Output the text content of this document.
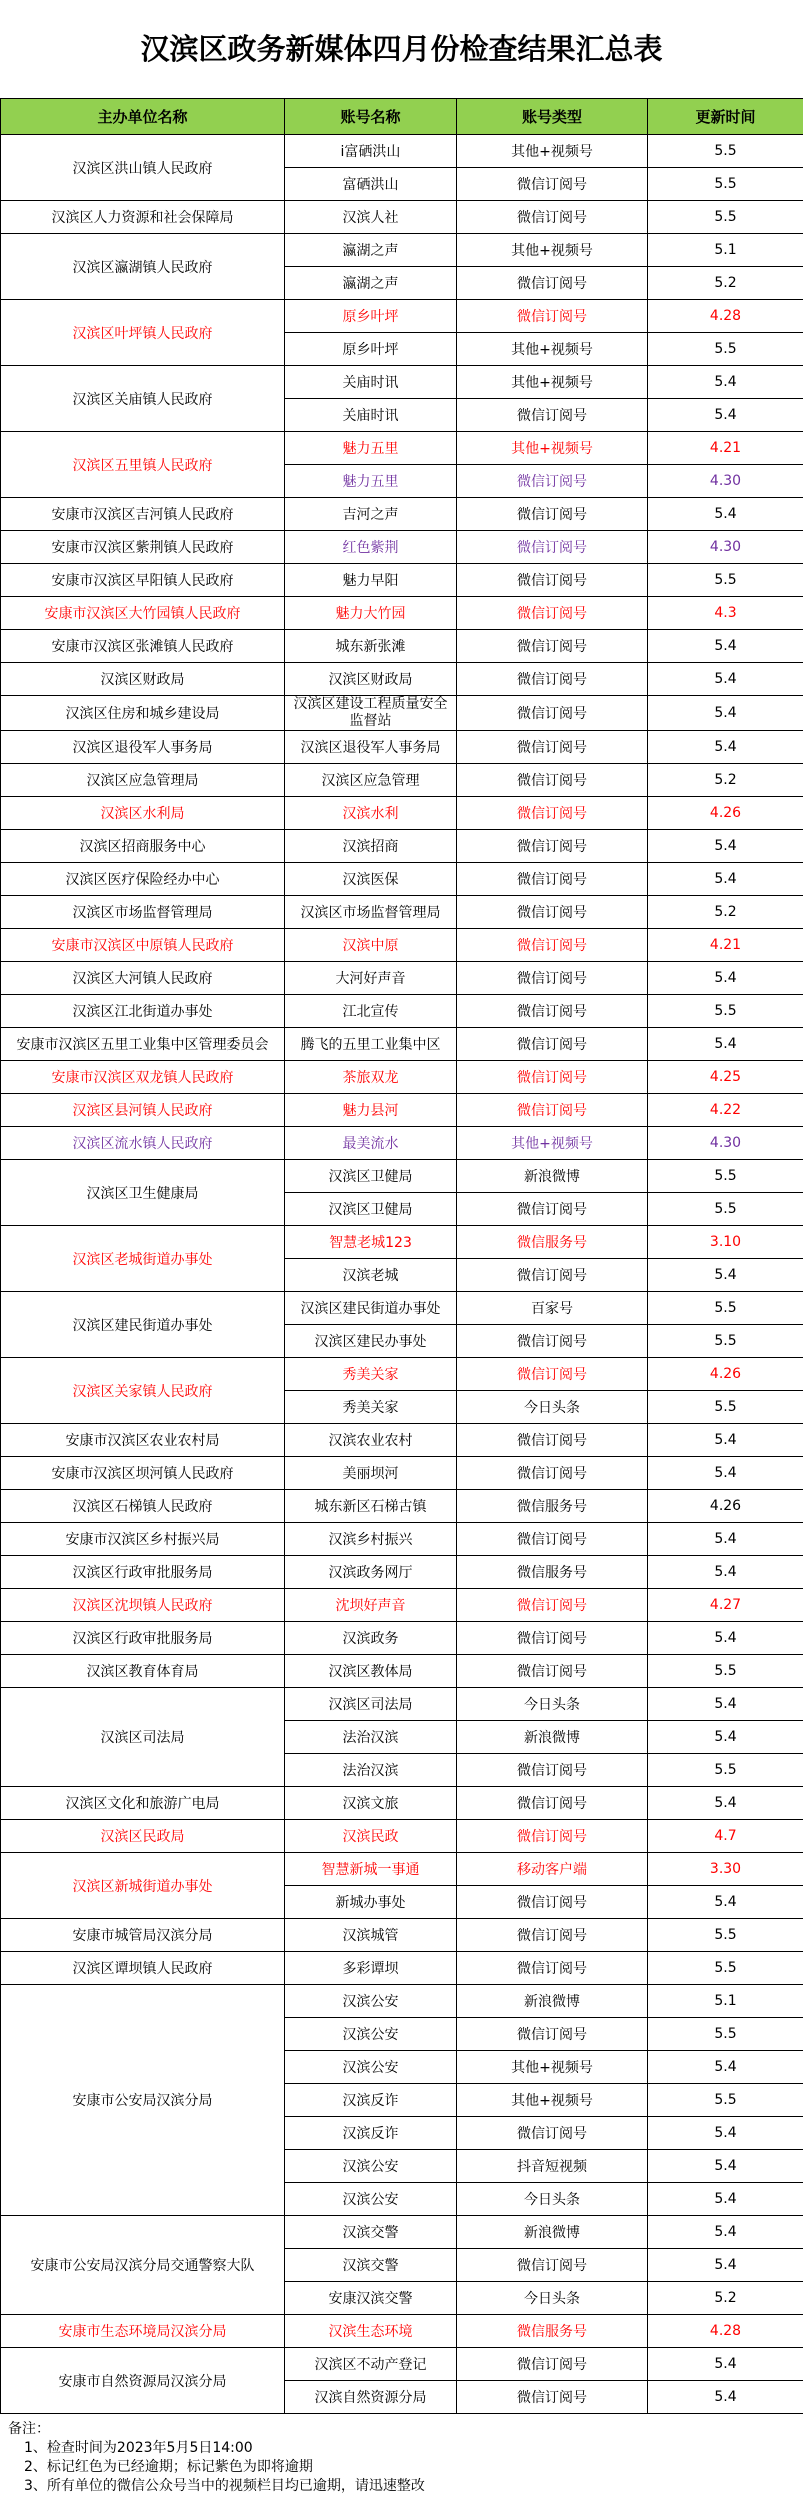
汉滨区政务新媒体四月份检查结果汇总表
主办单位名称	账号名称	账号类型	更新时间
汉滨区洪山镇人民政府	i富硒洪山	其他+视频号	5.5
	富硒洪山	微信订阅号	5.5
汉滨区人力资源和社会保障局	汉滨人社	微信订阅号	5.5
汉滨区瀛湖镇人民政府	瀛湖之声	其他+视频号	5.1
	瀛湖之声	微信订阅号	5.2
汉滨区叶坪镇人民政府	原乡叶坪	微信订阅号	4.28
	原乡叶坪	其他+视频号	5.5
汉滨区关庙镇人民政府	关庙时讯	其他+视频号	5.4
	关庙时讯	微信订阅号	5.4
汉滨区五里镇人民政府	魅力五里	其他+视频号	4.21
	魅力五里	微信订阅号	4.30
安康市汉滨区吉河镇人民政府	吉河之声	微信订阅号	5.4
安康市汉滨区紫荆镇人民政府	红色紫荆	微信订阅号	4.30
安康市汉滨区早阳镇人民政府	魅力早阳	微信订阅号	5.5
安康市汉滨区大竹园镇人民政府	魅力大竹园	微信订阅号	4.3
安康市汉滨区张滩镇人民政府	城东新张滩	微信订阅号	5.4
汉滨区财政局	汉滨区财政局	微信订阅号	5.4
汉滨区住房和城乡建设局	汉滨区建设工程质量安全监督站	微信订阅号	5.4
汉滨区退役军人事务局	汉滨区退役军人事务局	微信订阅号	5.4
汉滨区应急管理局	汉滨区应急管理	微信订阅号	5.2
汉滨区水利局	汉滨水利	微信订阅号	4.26
汉滨区招商服务中心	汉滨招商	微信订阅号	5.4
汉滨区医疗保险经办中心	汉滨医保	微信订阅号	5.4
汉滨区市场监督管理局	汉滨区市场监督管理局	微信订阅号	5.2
安康市汉滨区中原镇人民政府	汉滨中原	微信订阅号	4.21
汉滨区大河镇人民政府	大河好声音	微信订阅号	5.4
汉滨区江北街道办事处	江北宣传	微信订阅号	5.5
安康市汉滨区五里工业集中区管理委员会	腾飞的五里工业集中区	微信订阅号	5.4
安康市汉滨区双龙镇人民政府	茶旅双龙	微信订阅号	4.25
汉滨区县河镇人民政府	魅力县河	微信订阅号	4.22
汉滨区流水镇人民政府	最美流水	其他+视频号	4.30
汉滨区卫生健康局	汉滨区卫健局	新浪微博	5.5
	汉滨区卫健局	微信订阅号	5.5
汉滨区老城街道办事处	智慧老城123	微信服务号	3.10
	汉滨老城	微信订阅号	5.4
汉滨区建民街道办事处	汉滨区建民街道办事处	百家号	5.5
	汉滨区建民办事处	微信订阅号	5.5
汉滨区关家镇人民政府	秀美关家	微信订阅号	4.26
	秀美关家	今日头条	5.5
安康市汉滨区农业农村局	汉滨农业农村	微信订阅号	5.4
安康市汉滨区坝河镇人民政府	美丽坝河	微信订阅号	5.4
汉滨区石梯镇人民政府	城东新区石梯古镇	微信服务号	4.26
安康市汉滨区乡村振兴局	汉滨乡村振兴	微信订阅号	5.4
汉滨区行政审批服务局	汉滨政务网厅	微信服务号	5.4
汉滨区沈坝镇人民政府	沈坝好声音	微信订阅号	4.27
汉滨区行政审批服务局	汉滨政务	微信订阅号	5.4
汉滨区教育体育局	汉滨区教体局	微信订阅号	5.5
汉滨区司法局	汉滨区司法局	今日头条	5.4
	法治汉滨	新浪微博	5.4
	法治汉滨	微信订阅号	5.5
汉滨区文化和旅游广电局	汉滨文旅	微信订阅号	5.4
汉滨区民政局	汉滨民政	微信订阅号	4.7
汉滨区新城街道办事处	智慧新城一事通	移动客户端	3.30
	新城办事处	微信订阅号	5.4
安康市城管局汉滨分局	汉滨城管	微信订阅号	5.5
汉滨区谭坝镇人民政府	多彩谭坝	微信订阅号	5.5
安康市公安局汉滨分局	汉滨公安	新浪微博	5.1
	汉滨公安	微信订阅号	5.5
	汉滨公安	其他+视频号	5.4
	汉滨反诈	其他+视频号	5.5
	汉滨反诈	微信订阅号	5.4
	汉滨公安	抖音短视频	5.4
	汉滨公安	今日头条	5.4
安康市公安局汉滨分局交通警察大队	汉滨交警	新浪微博	5.4
	汉滨交警	微信订阅号	5.4
	安康汉滨交警	今日头条	5.2
安康市生态环境局汉滨分局	汉滨生态环境	微信服务号	4.28
安康市自然资源局汉滨分局	汉滨区不动产登记	微信订阅号	5.4
	汉滨自然资源分局	微信订阅号	5.4
备注：
1、检查时间为2023年5月5日14:00
2、标记红色为已经逾期；标记紫色为即将逾期
3、所有单位的微信公众号当中的视频栏目均已逾期，请迅速整改
